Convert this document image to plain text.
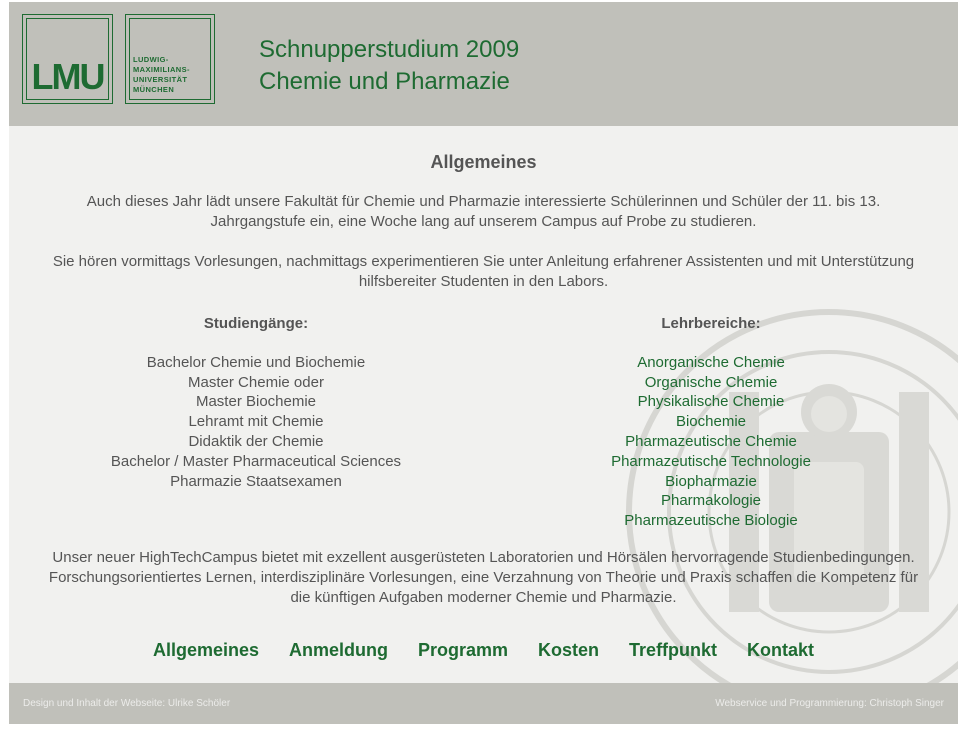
LMU	LUDWIG-
MAXIMILIANS-
UNIVERSITÄT
MÜNCHEN
Schnupperstudium 2009
Chemie und Pharmazie
Allgemeines
Auch dieses Jahr lädt unsere Fakultät für Chemie und Pharmazie interessierte Schülerinnen und Schüler der 11. bis 13. Jahrgangstufe ein, eine Woche lang auf unserem Campus auf Probe zu studieren.
Sie hören vormittags Vorlesungen, nachmittags experimentieren Sie unter Anleitung erfahrener Assistenten und mit Unterstützung hilfsbereiter Studenten in den Labors.
Studiengänge:
Bachelor Chemie und Biochemie
Master Chemie oder
Master Biochemie
Lehramt mit Chemie
Didaktik der Chemie
Bachelor / Master Pharmaceutical Sciences
Pharmazie Staatsexamen
Lehrbereiche:
Anorganische Chemie
Organische Chemie
Physikalische Chemie
Biochemie
Pharmazeutische Chemie
Pharmazeutische Technologie
Biopharmazie
Pharmakologie
Pharmazeutische Biologie
Unser neuer HighTechCampus bietet mit exzellent ausgerüsteten Laboratorien und Hörsälen hervorragende Studienbedingungen. Forschungsorientiertes Lernen, interdisziplinäre Vorlesungen, eine Verzahnung von Theorie und Praxis schaffen die Kompetenz für die künftigen Aufgaben moderner Chemie und Pharmazie.
Allgemeines Anmeldung Programm Kosten Treffpunkt Kontakt
Design und Inhalt der Webseite: Ulrike Schöler	Webservice und Programmierung: Christoph Singer
